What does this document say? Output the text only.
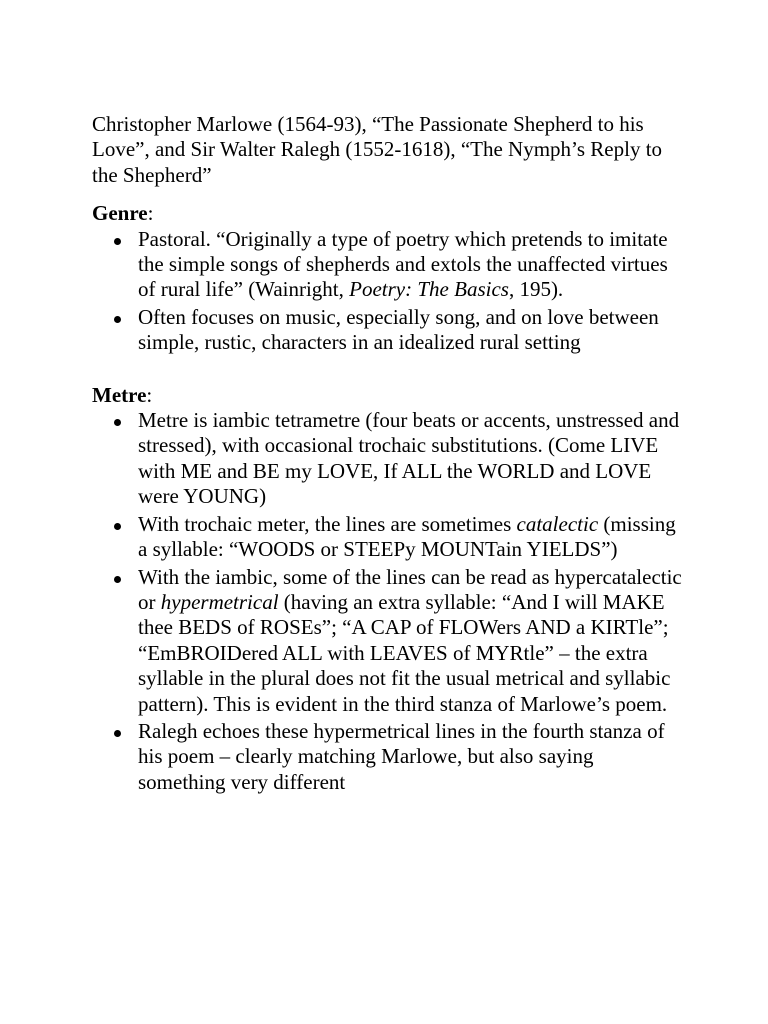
Christopher Marlowe (1564-93), “The Passionate Shepherd to his Love”, and Sir Walter Ralegh (1552-1618), “The Nymph’s Reply to the Shepherd”

Genre:

Pastoral. “Originally a type of poetry which pretends to imitate the simple songs of shepherds and extols the unaffected virtues of rural life” (Wainright, Poetry: The Basics, 195).
Often focuses on music, especially song, and on love between simple, rustic, characters in an idealized rural setting

Metre:

Metre is iambic tetrametre (four beats or accents, unstressed and stressed), with occasional trochaic substitutions. (Come LIVE with ME and BE my LOVE, If ALL the WORLD and LOVE were YOUNG)
With trochaic meter, the lines are sometimes catalectic (missing a syllable: “WOODS or STEEPy MOUNTain YIELDS”)
With the iambic, some of the lines can be read as hypercatalectic or hypermetrical (having an extra syllable: “And I will MAKE thee BEDS of ROSEs”; “A CAP of FLOWers AND a KIRTle”; “EmBROIDered ALL with LEAVES of MYRtle” – the extra syllable in the plural does not fit the usual metrical and syllabic pattern). This is evident in the third stanza of Marlowe’s poem.
Ralegh echoes these hypermetrical lines in the fourth stanza of his poem – clearly matching Marlowe, but also saying something very different
